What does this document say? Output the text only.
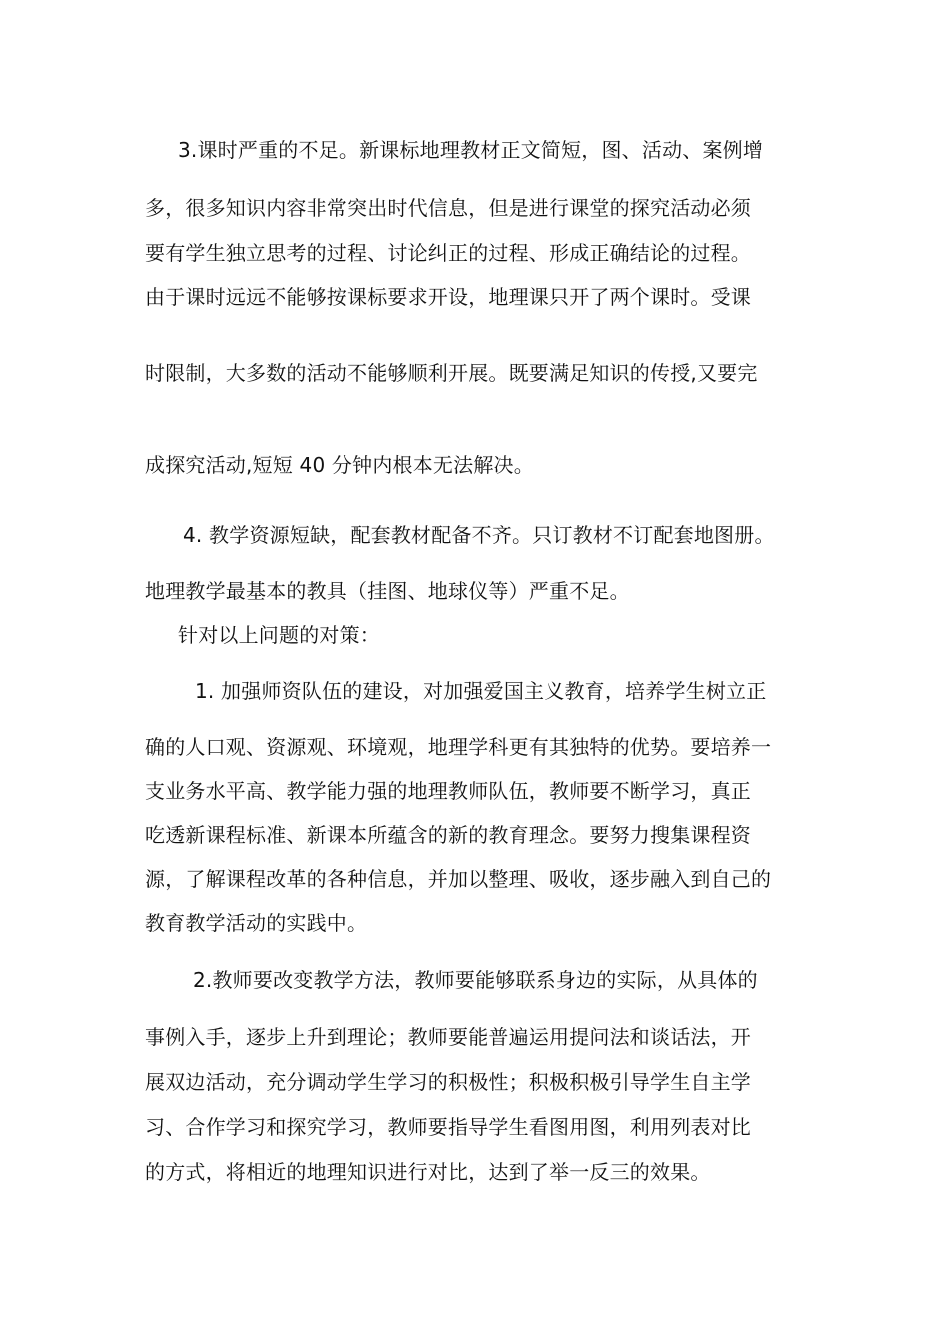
3.课时严重的不足。新课标地理教材正文简短，图、活动、案例增
多，很多知识内容非常突出时代信息，但是进行课堂的探究活动必须
要有学生独立思考的过程、讨论纠正的过程、形成正确结论的过程。
由于课时远远不能够按课标要求开设，地理课只开了两个课时。受课
时限制，大多数的活动不能够顺利开展。既要满足知识的传授,又要完
成探究活动,短短 40 分钟内根本无法解决。
4. 教学资源短缺，配套教材配备不齐。只订教材不订配套地图册。
地理教学最基本的教具（挂图、地球仪等）严重不足。
针对以上问题的对策：
1. 加强师资队伍的建设，对加强爱国主义教育，培养学生树立正
确的人口观、资源观、环境观，地理学科更有其独特的优势。要培养一
支业务水平高、教学能力强的地理教师队伍，教师要不断学习，真正
吃透新课程标准、新课本所蕴含的新的教育理念。要努力搜集课程资
源，了解课程改革的各种信息，并加以整理、吸收，逐步融入到自己的
教育教学活动的实践中。
2.教师要改变教学方法，教师要能够联系身边的实际，从具体的
事例入手，逐步上升到理论；教师要能普遍运用提问法和谈话法，开
展双边活动，充分调动学生学习的积极性；积极积极引导学生自主学
习、合作学习和探究学习，教师要指导学生看图用图，利用列表对比
的方式，将相近的地理知识进行对比，达到了举一反三的效果。
